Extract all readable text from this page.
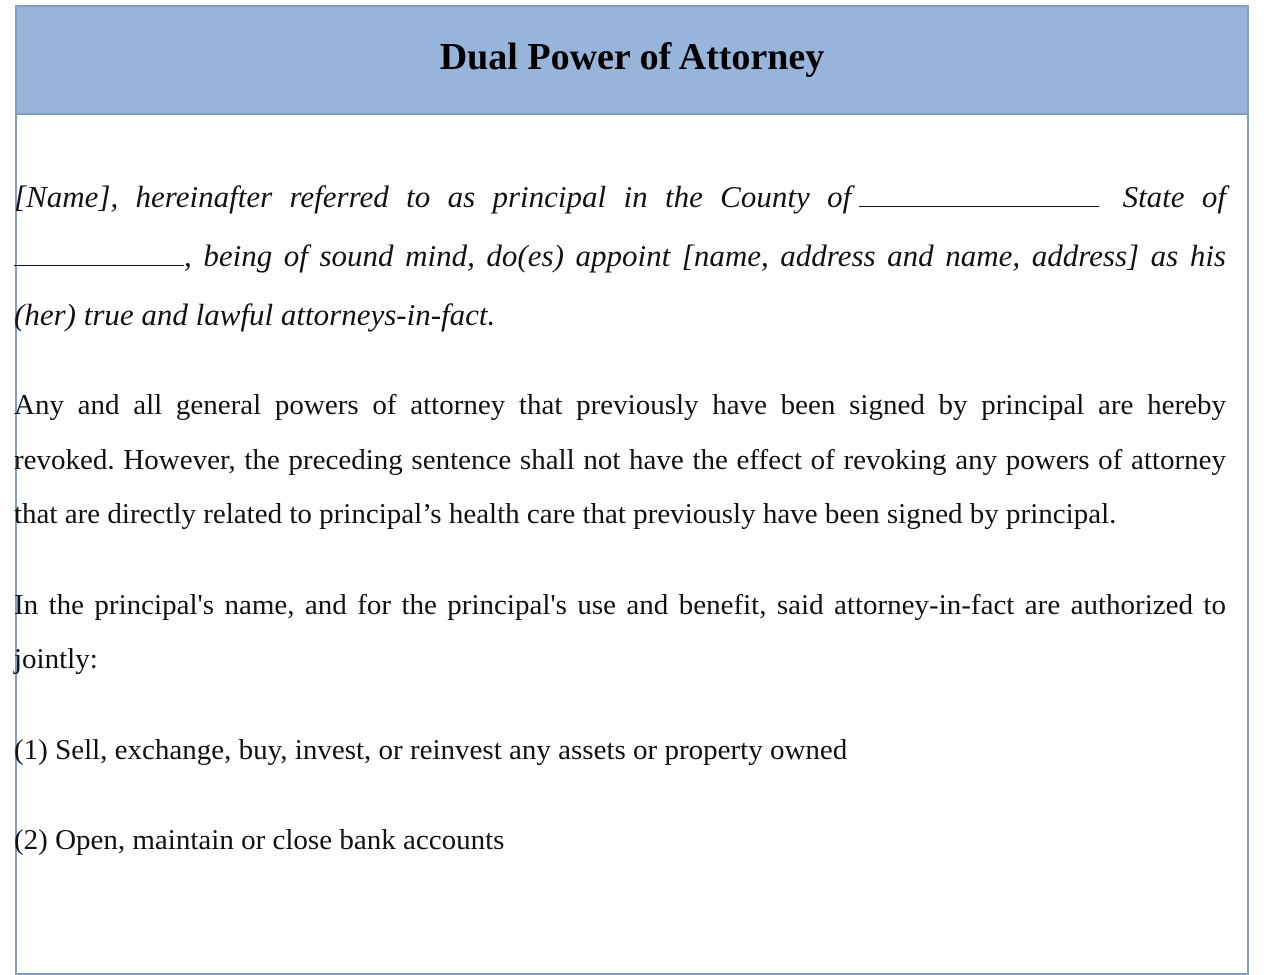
Dual Power of Attorney

[Name], hereinafter referred to as principal in the County of	State of , being of sound mind, do(es) appoint [name, address and name, address] as his (her) true and lawful attorneys-in-fact.

Any and all general powers of attorney that previously have been signed by principal are hereby revoked. However, the preceding sentence shall not have the effect of revoking any powers of attorney that are directly related to principal’s health care that previously have been signed by principal.

In the principal's name, and for the principal's use and benefit, said attorney-in-fact are authorized to jointly:

(1) Sell, exchange, buy, invest, or reinvest any assets or property owned

(2) Open, maintain or close bank accounts
